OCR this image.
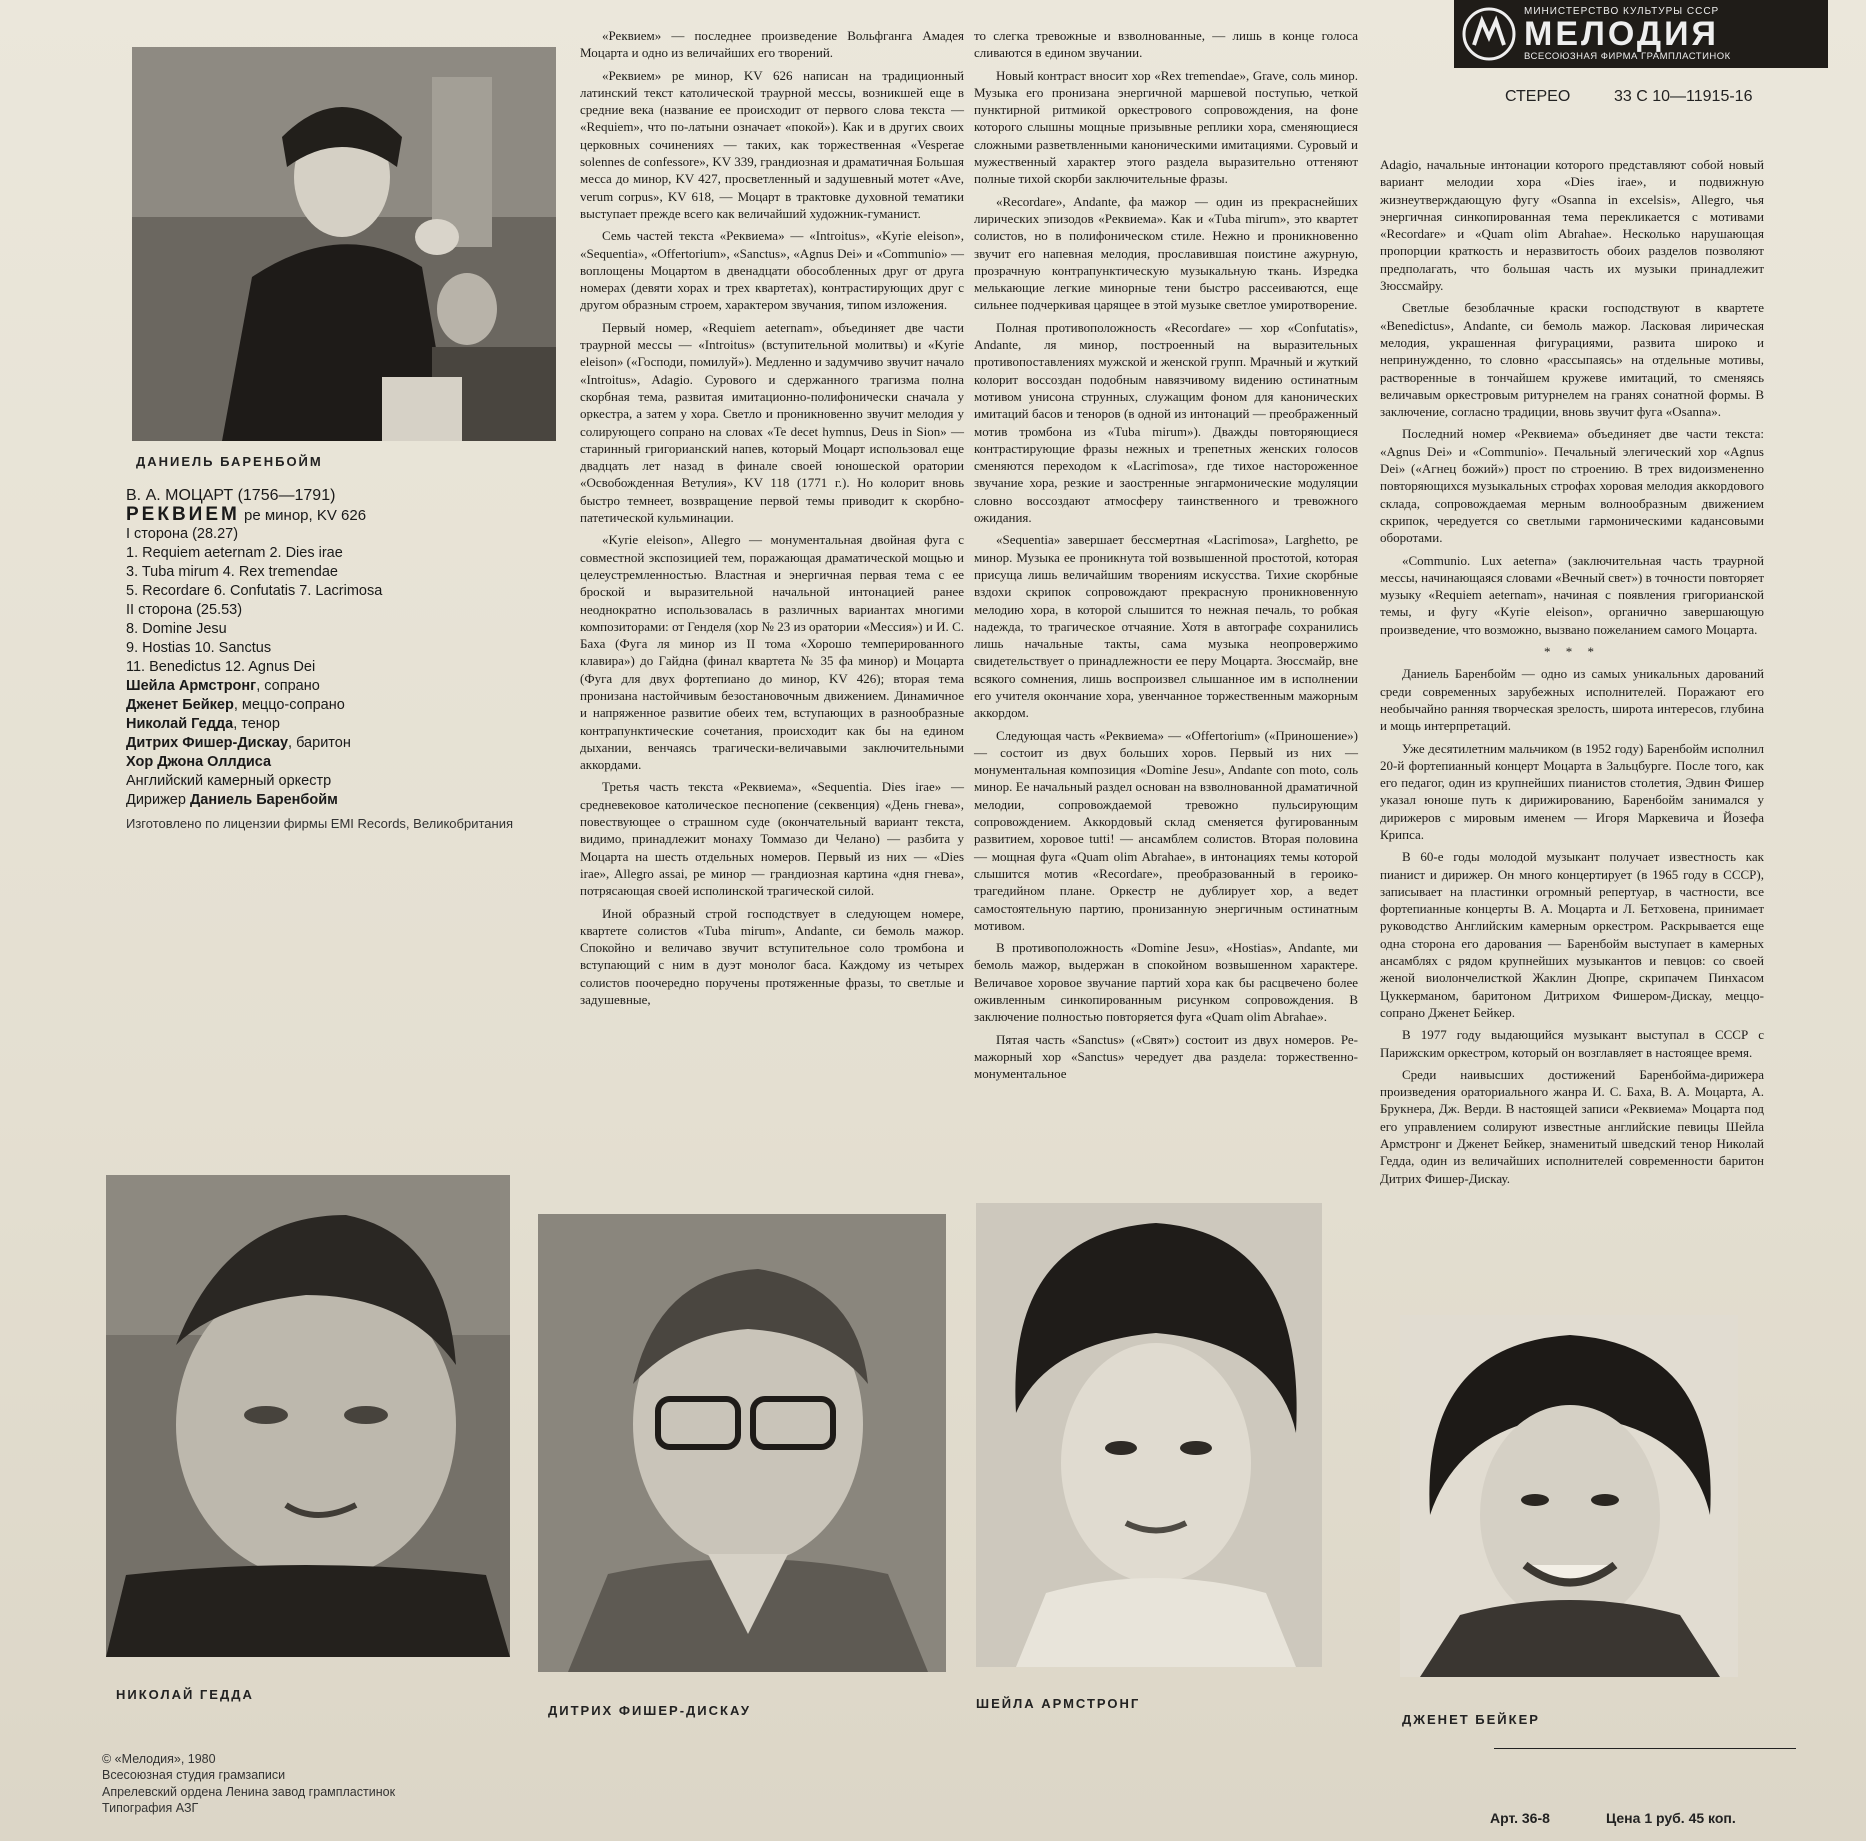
ДАНИЕЛЬ БАРЕНБОЙМ
МИНИСТЕРСТВО КУЛЬТУРЫ СССР
МЕЛОДИЯ
ВСЕСОЮЗНАЯ ФИРМА ГРАМПЛАСТИНОК
СТЕРЕО	33 С 10—11915-16
В. А. МОЦАРТ (1756—1791)
РЕКВИЕМ ре минор, KV 626
I сторона (28.27)
1. Requiem aeternam 2. Dies irae
3. Tuba mirum 4. Rex tremendae
5. Recordare 6. Confutatis 7. Lacrimosa
II сторона (25.53)
8. Domine Jesu
9. Hostias 10. Sanctus
11. Benedictus 12. Agnus Dei
Шейла Армстронг, сопрано
Дженет Бейкер, меццо-сопрано
Николай Гедда, тенор
Дитрих Фишер-Дискау, баритон
Хор Джона Оллдиса
Английский камерный оркестр
Дирижер Даниель Баренбойм
Изготовлено по лицензии фирмы EMI Records, Великобритания

«Реквием» — последнее произведение Вольфганга Амадея Моцарта и одно из величайших его творений.

«Реквием» ре минор, KV 626 написан на традиционный латинский текст католической траурной мессы, возникшей еще в средние века (название ее происходит от первого слова текста — «Requiem», что по-латыни означает «покой»). Как и в других своих церковных сочинениях — таких, как торжественная «Vesperae solennes de confessore», KV 339, грандиозная и драматичная Большая месса до минор, KV 427, просветленный и задушевный мотет «Ave, verum corpus», KV 618, — Моцарт в трактовке духовной тематики выступает прежде всего как величайший художник-гуманист.

Семь частей текста «Реквиема» — «Introitus», «Kyrie eleison», «Sequentia», «Offertorium», «Sanctus», «Agnus Dei» и «Communio» — воплощены Моцартом в двенадцати обособленных друг от друга номерах (девяти хорах и трех квартетах), контрастирующих друг с другом образным строем, характером звучания, типом изложения.

Первый номер, «Requiem aeternam», объединяет две части траурной мессы — «Introitus» (вступительной молитвы) и «Kyrie eleison» («Господи, помилуй»). Медленно и задумчиво звучит начало «Introitus», Adagio. Сурового и сдержанного трагизма полна скорбная тема, развитая имитационно-полифонически сначала у оркестра, а затем у хора. Светло и проникновенно звучит мелодия у солирующего сопрано на словах «Te decet hymnus, Deus in Sion» — старинный григорианский напев, который Моцарт использовал еще двадцать лет назад в финале своей юношеской оратории «Освобожденная Ветулия», KV 118 (1771 г.). Но колорит вновь быстро темнеет, возвращение первой темы приводит к скорбно-патетической кульминации.

«Kyrie eleison», Allegro — монументальная двойная фуга с совместной экспозицией тем, поражающая драматической мощью и целеустремленностью. Властная и энергичная первая тема с ее броской и выразительной начальной интонацией ранее неоднократно использовалась в различных вариантах многими композиторами: от Генделя (хор № 23 из оратории «Мессия») и И. С. Баха (Фуга ля минор из II тома «Хорошо темперированного клавира») до Гайдна (финал квартета № 35 фа минор) и Моцарта (Фуга для двух фортепиано до минор, KV 426); вторая тема пронизана настойчивым безостановочным движением. Динамичное и напряженное развитие обеих тем, вступающих в разнообразные контрапунктические сочетания, происходит как бы на едином дыхании, венчаясь трагически-величавыми заключительными аккордами.

Третья часть текста «Реквиема», «Sequentia. Dies irae» — средневековое католическое песнопение (секвенция) «День гнева», повествующее о страшном суде (окончательный вариант текста, видимо, принадлежит монаху Томмазо ди Челано) — разбита у Моцарта на шесть отдельных номеров. Первый из них — «Dies irae», Allegro assai, ре минор — грандиозная картина «дня гнева», потрясающая своей исполинской трагической силой.

Иной образный строй господствует в следующем номере, квартете солистов «Tuba mirum», Andante, си бемоль мажор. Спокойно и величаво звучит вступительное соло тромбона и вступающий с ним в дуэт монолог баса. Каждому из четырех солистов поочередно поручены протяженные фразы, то светлые и задушевные,

то слегка тревожные и взволнованные, — лишь в конце голоса сливаются в едином звучании.

Новый контраст вносит хор «Rex tremendae», Grave, соль минор. Музыка его пронизана энергичной маршевой поступью, четкой пунктирной ритмикой оркестрового сопровождения, на фоне которого слышны мощные призывные реплики хора, сменяющиеся сложными разветвленными каноническими имитациями. Суровый и мужественный характер этого раздела выразительно оттеняют полные тихой скорби заключительные фразы.

«Recordare», Andante, фа мажор — один из прекраснейших лирических эпизодов «Реквиема». Как и «Tuba mirum», это квартет солистов, но в полифоническом стиле. Нежно и проникновенно звучит его напевная мелодия, прославившая поистине ажурную, прозрачную контрапунктическую музыкальную ткань. Изредка мелькающие легкие минорные тени быстро рассеиваются, еще сильнее подчеркивая царящее в этой музыке светлое умиротворение.

Полная противоположность «Recordare» — хор «Confutatis», Andante, ля минор, построенный на выразительных противопоставлениях мужской и женской групп. Мрачный и жуткий колорит воссоздан подобным навязчивому видению остинатным мотивом унисона струнных, служащим фоном для канонических имитаций басов и теноров (в одной из интонаций — преображенный мотив тромбона из «Tuba mirum»). Дважды повторяющиеся контрастирующие фразы нежных и трепетных женских голосов сменяются переходом к «Lacrimosa», где тихое настороженное звучание хора, резкие и заостренные энгармонические модуляции словно воссоздают атмосферу таинственного и тревожного ожидания.

«Sequentia» завершает бессмертная «Lacrimosa», Larghetto, ре минор. Музыка ее проникнута той возвышенной простотой, которая присуща лишь величайшим творениям искусства. Тихие скорбные вздохи скрипок сопровождают прекрасную проникновенную мелодию хора, в которой слышится то нежная печаль, то робкая надежда, то трагическое отчаяние. Хотя в автографе сохранились лишь начальные такты, сама музыка неопровержимо свидетельствует о принадлежности ее перу Моцарта. Зюссмайр, вне всякого сомнения, лишь воспроизвел слышанное им в исполнении его учителя окончание хора, увенчанное торжественным мажорным аккордом.

Следующая часть «Реквиема» — «Offertorium» («Приношение») — состоит из двух больших хоров. Первый из них — монументальная композиция «Domine Jesu», Andante con moto, соль минор. Ее начальный раздел основан на взволнованной драматичной мелодии, сопровождаемой тревожно пульсирующим сопровождением. Аккордовый склад сменяется фугированным развитием, хоровое tutti! — ансамблем солистов. Вторая половина — мощная фуга «Quam olim Abrahae», в интонациях темы которой слышится мотив «Recordare», преобразованный в героико-трагедийном плане. Оркестр не дублирует хор, а ведет самостоятельную партию, пронизанную энергичным остинатным мотивом.

В противоположность «Domine Jesu», «Hostias», Andante, ми бемоль мажор, выдержан в спокойном возвышенном характере. Величавое хоровое звучание партий хора как бы расцвечено более оживленным синкопированным рисунком сопровождения. В заключение полностью повторяется фуга «Quam olim Abrahae».

Пятая часть «Sanctus» («Свят») состоит из двух номеров. Ре-мажорный хор «Sanctus» чередует два раздела: торжественно-монументальное

Adagio, начальные интонации которого представляют собой новый вариант мелодии хора «Dies irae», и подвижную жизнеутверждающую фугу «Osanna in excelsis», Allegro, чья энергичная синкопированная тема перекликается с мотивами «Recordare» и «Quam olim Abrahae». Несколько нарушающая пропорции краткость и неразвитость обоих разделов позволяют предполагать, что большая часть их музыки принадлежит Зюссмайру.

Светлые безоблачные краски господствуют в квартете «Benedictus», Andante, си бемоль мажор. Ласковая лирическая мелодия, украшенная фигурациями, развита широко и непринужденно, то словно «рассыпаясь» на отдельные мотивы, растворенные в тончайшем кружеве имитаций, то сменяясь величавым оркестровым ритурнелем на гранях сонатной формы. В заключение, согласно традиции, вновь звучит фуга «Osanna».

Последний номер «Реквиема» объединяет две части текста: «Agnus Dei» и «Communio». Печальный элегический хор «Agnus Dei» («Агнец божий») прост по строению. В трех видоизмененно повторяющихся музыкальных строфах хоровая мелодия аккордового склада, сопровождаемая мерным волнообразным движением скрипок, чередуется со светлыми гармоническими кадансовыми оборотами.

«Communio. Lux aeterna» (заключительная часть траурной мессы, начинающаяся словами «Вечный свет») в точности повторяет музыку «Requiem aeternam», начиная с появления григорианской темы, и фугу «Kyrie eleison», органично завершающую произведение, что возможно, вызвано пожеланием самого Моцарта.

* * *

Даниель Баренбойм — одно из самых уникальных дарований среди современных зарубежных исполнителей. Поражают его необычайно ранняя творческая зрелость, широта интересов, глубина и мощь интерпретаций.

Уже десятилетним мальчиком (в 1952 году) Баренбойм исполнил 20-й фортепианный концерт Моцарта в Зальцбурге. После того, как его педагог, один из крупнейших пианистов столетия, Эдвин Фишер указал юноше путь к дирижированию, Баренбойм занимался у дирижеров с мировым именем — Игоря Маркевича и Йозефа Крипса.

В 60-е годы молодой музыкант получает известность как пианист и дирижер. Он много концертирует (в 1965 году в СССР), записывает на пластинки огромный репертуар, в частности, все фортепианные концерты В. А. Моцарта и Л. Бетховена, принимает руководство Английским камерным оркестром. Раскрывается еще одна сторона его дарования — Баренбойм выступает в камерных ансамблях с рядом крупнейших музыкантов и певцов: со своей женой виолончелисткой Жаклин Дюпре, скрипачем Пинхасом Цуккерманом, баритоном Дитрихом Фишером-Дискау, меццо-сопрано Дженет Бейкер.

В 1977 году выдающийся музыкант выступал в СССР с Парижским оркестром, который он возглавляет в настоящее время.

Среди наивысших достижений Баренбойма-дирижера произведения ораториального жанра И. С. Баха, В. А. Моцарта, А. Брукнера, Дж. Верди. В настоящей записи «Реквиема» Моцарта под его управлением солируют известные английские певицы Шейла Армстронг и Дженет Бейкер, знаменитый шведский тенор Николай Гедда, один из величайших исполнителей современности баритон Дитрих Фишер-Дискау.

НИКОЛАЙ ГЕДДА
ДИТРИХ ФИШЕР-ДИСКАУ	ШЕЙЛА АРМСТРОНГ
ДЖЕНЕТ БЕЙКЕР
© «Мелодия», 1980
Всесоюзная студия грамзаписи
Апрелевский ордена Ленина завод грампластинок
Типография АЗГ
Арт. 36-8	Цена 1 руб. 45 коп.
